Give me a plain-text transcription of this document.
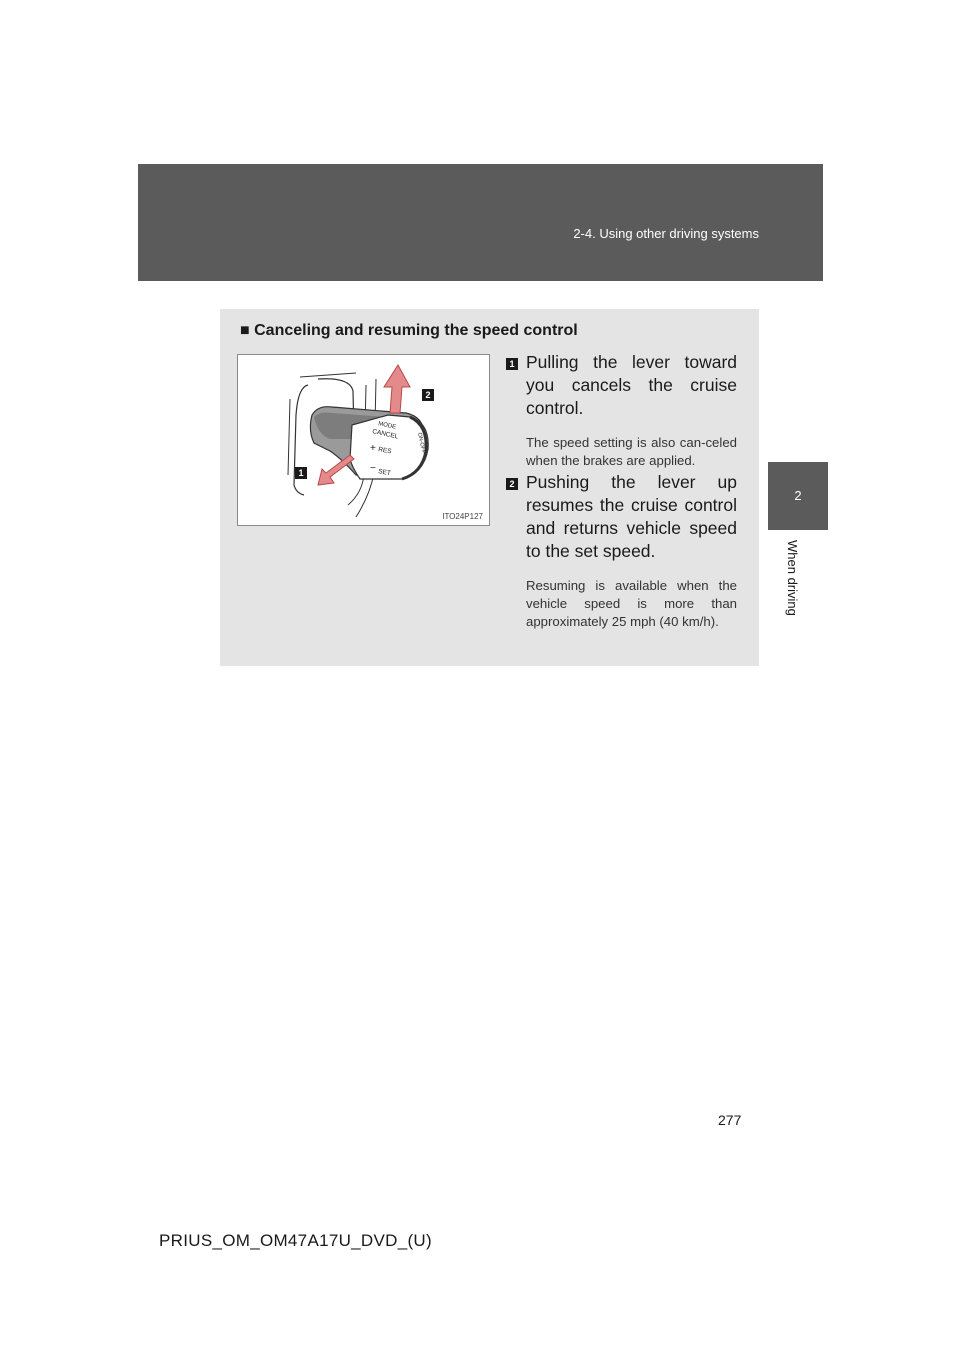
2-4. Using other driving systems
2
When driving
■ Canceling and resuming the speed control
MODE
CANCEL
+ RES
− SET
ON-OFF
1
2
ITO24P127
1 Pulling the lever toward you cancels the cruise control.
The speed setting is also can-celed when the brakes are applied.
2 Pushing the lever up resumes the cruise control and returns vehicle speed to the set speed.
Resuming is available when the vehicle speed is more than approximately 25 mph (40 km/h).
277
PRIUS_OM_OM47A17U_DVD_(U)
